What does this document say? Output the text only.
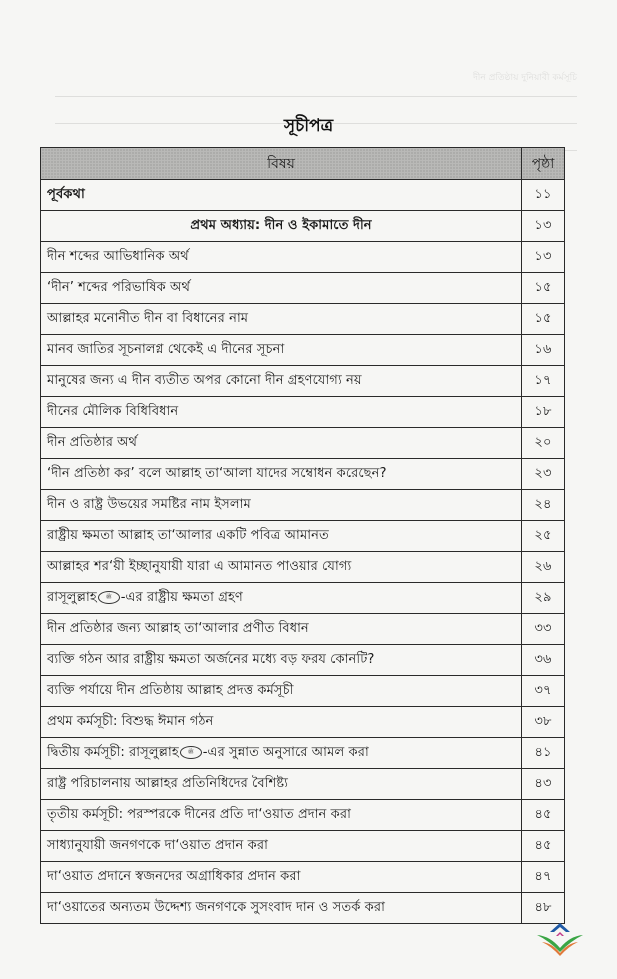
দীন প্রতিষ্ঠায় দুনিয়াবী কর্মসূচি
সূচীপত্র
বিষয়	পৃষ্ঠা
পূর্বকথা	১১
প্রথম অধ্যায়: দীন ও ইকামাতে দীন	১৩
দীন শব্দের আভিধানিক অর্থ	১৩
‘দীন’ শব্দের পরিভাষিক অর্থ	১৫
আল্লাহর মনোনীত দীন বা বিধানের নাম	১৫
মানব জাতির সূচনালগ্ন থেকেই এ দীনের সূচনা	১৬
মানুষের জন্য এ দীন ব্যতীত অপর কোনো দীন গ্রহণযোগ্য নয়	১৭
দীনের মৌলিক বিধিবিধান	১৮
দীন প্রতিষ্ঠার অর্থ	২০
‘দীন প্রতিষ্ঠা কর’ বলে আল্লাহ তা‘আলা যাদের সম্বোধন করেছেন?	২৩
দীন ও রাষ্ট্র উভয়ের সমষ্টির নাম ইসলাম	২৪
রাষ্ট্রীয় ক্ষমতা আল্লাহ তা‘আলার একটি পবিত্র আমানত	২৫
আল্লাহর শর‘য়ী ইচ্ছানুযায়ী যারা এ আমানত পাওয়ার যোগ্য	২৬
রাসূলুল্লাহ ﷺ -এর রাষ্ট্রীয় ক্ষমতা গ্রহণ	২৯
দীন প্রতিষ্ঠার জন্য আল্লাহ তা‘আলার প্রণীত বিধান	৩৩
ব্যক্তি গঠন আর রাষ্ট্রীয় ক্ষমতা অর্জনের মধ্যে বড় ফরয কোনটি?	৩৬
ব্যক্তি পর্যায়ে দীন প্রতিষ্ঠায় আল্লাহ প্রদত্ত কর্মসূচী	৩৭
প্রথম কর্মসূচী: বিশুদ্ধ ঈমান গঠন	৩৮
দ্বিতীয় কর্মসূচী: রাসূলুল্লাহ ﷺ -এর সুন্নাত অনুসারে আমল করা	৪১
রাষ্ট্র পরিচালনায় আল্লাহর প্রতিনিধিদের বৈশিষ্ট্য	৪৩
তৃতীয় কর্মসূচী: পরস্পরকে দীনের প্রতি দা‘ওয়াত প্রদান করা	৪৫
সাধ্যানুযায়ী জনগণকে দা‘ওয়াত প্রদান করা	৪৫
দা‘ওয়াত প্রদানে স্বজনদের অগ্রাধিকার প্রদান করা	৪৭
দা‘ওয়াতের অন্যতম উদ্দেশ্য জনগণকে সুসংবাদ দান ও সতর্ক করা	৪৮
